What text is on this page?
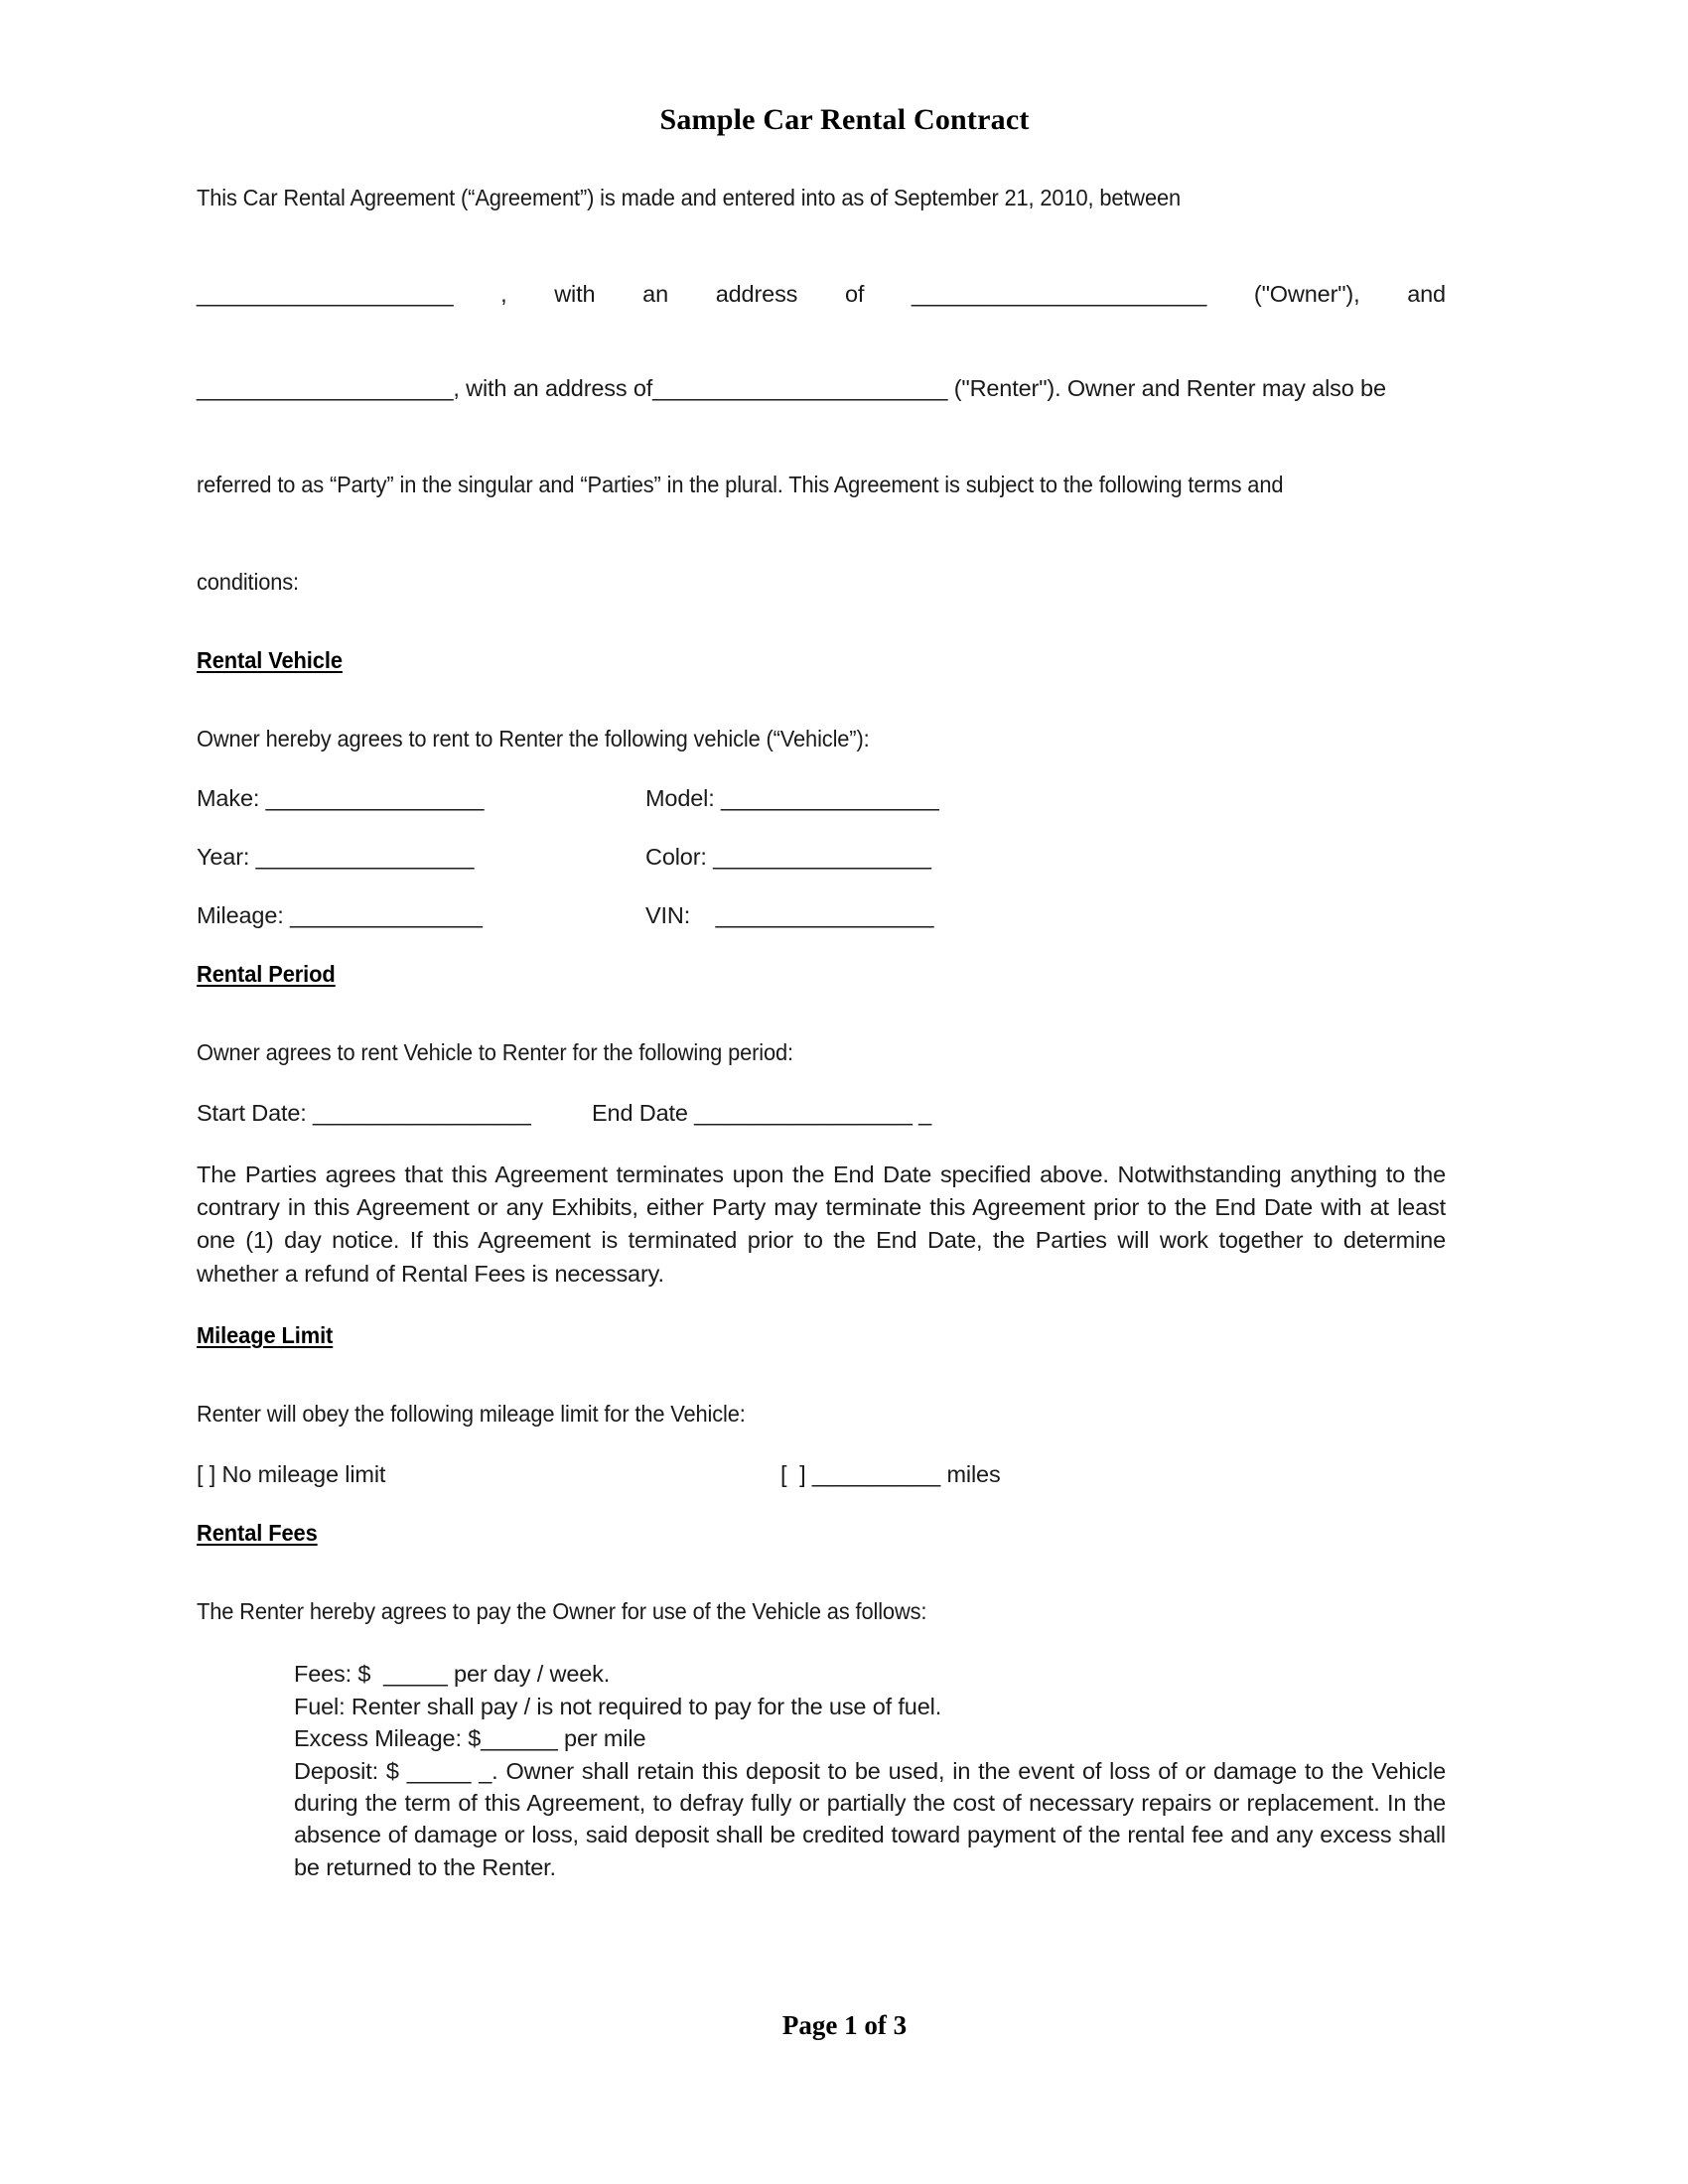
Sample Car Rental Contract
This Car Rental Agreement (“Agreement”) is made and entered into as of September 21, 2010, between
____________________ , with an address of _______________________ ("Owner"), and
____________________, with an address of_______________________ ("Renter"). Owner and Renter may also be
referred to as “Party” in the singular and “Parties” in the plural. This Agreement is subject to the following terms and
conditions:
Rental Vehicle
Owner hereby agrees to rent to Renter the following vehicle (“Vehicle”):
Make: _________________	Model: _________________
Year: _________________	Color: _________________
Mileage: _______________	VIN:    _________________
Rental Period
Owner agrees to rent Vehicle to Renter for the following period:
Start Date: _________________	End Date _________________ _
The Parties agrees that this Agreement terminates upon the End Date specified above. Notwithstanding anything to the contrary in this Agreement or any Exhibits, either Party may terminate this Agreement prior to the End Date with at least one (1) day notice. If this Agreement is terminated prior to the End Date, the Parties will work together to determine whether a refund of Rental Fees is necessary.
Mileage Limit
Renter will obey the following mileage limit for the Vehicle:
[ ] No mileage limit	[  ] __________ miles
Rental Fees
The Renter hereby agrees to pay the Owner for use of the Vehicle as follows:
Fees: $  _____ per day / week.
Fuel: Renter shall pay / is not required to pay for the use of fuel.
Excess Mileage: $______ per mile
Deposit: $ _____ _. Owner shall retain this deposit to be used, in the event of loss of or damage to the Vehicle during the term of this Agreement, to defray fully or partially the cost of necessary repairs or replacement. In the absence of damage or loss, said deposit shall be credited toward payment of the rental fee and any excess shall be returned to the Renter.
Page 1 of 3
